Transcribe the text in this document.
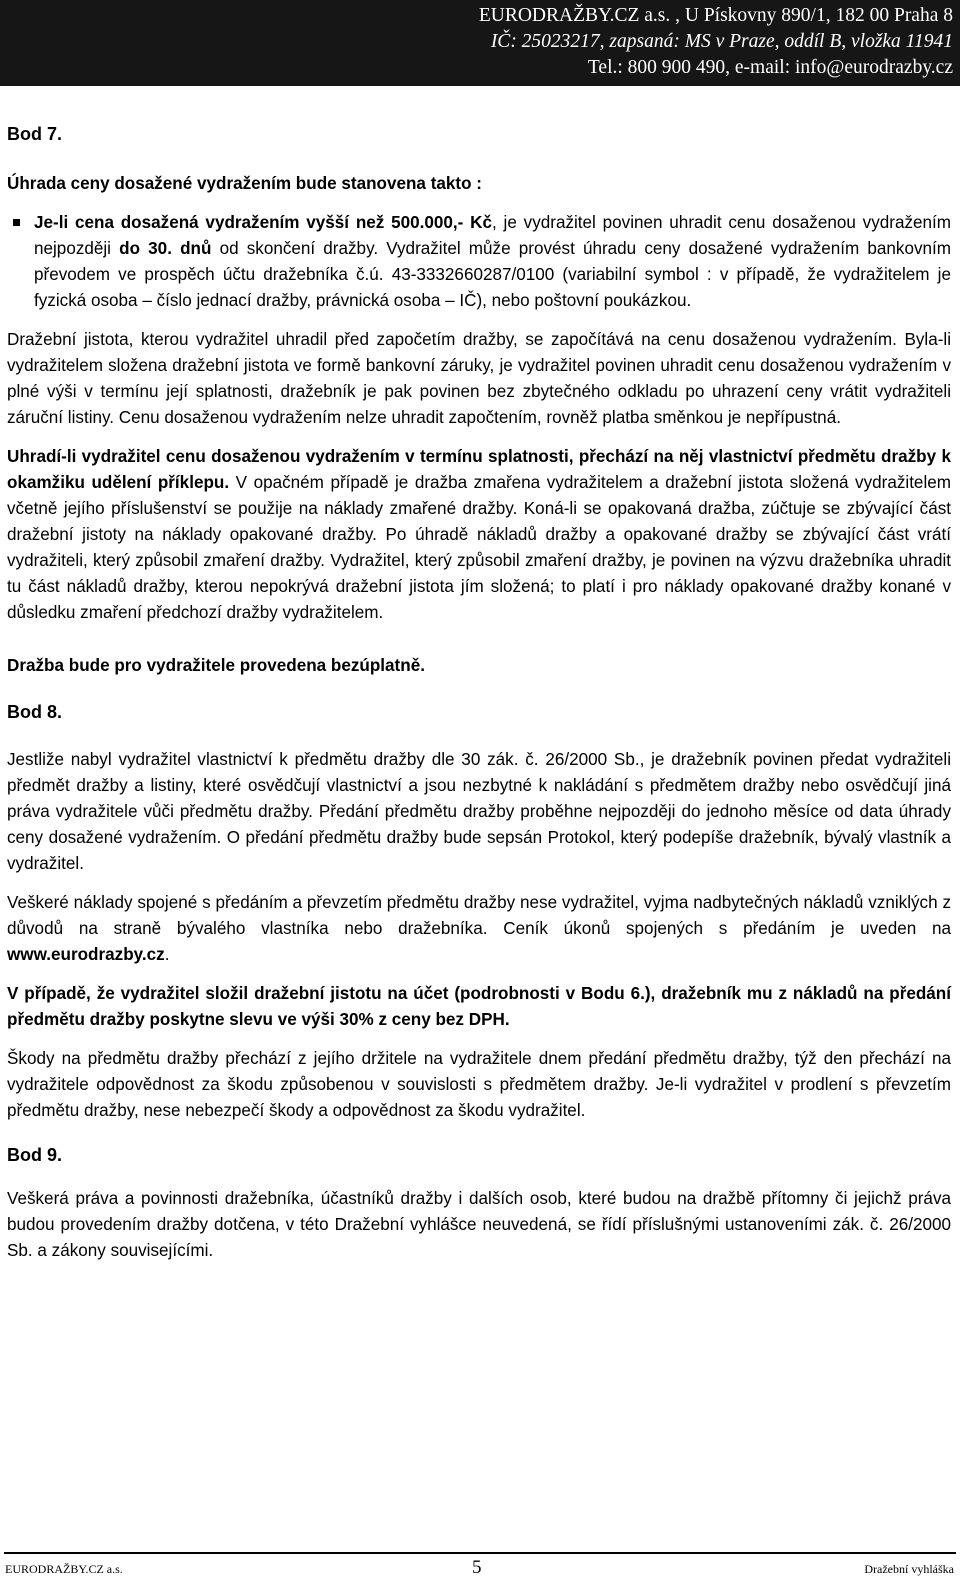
EURODRAŽBY.CZ a.s. , U Pískovny 890/1, 182 00 Praha 8
IČ: 25023217, zapsaná: MS v Praze, oddíl B, vložka 11941
Tel.: 800 900 490, e-mail: info@eurodrazby.cz

Bod 7.

Úhrada ceny dosažené vydražením bude stanovena takto :

Je-li cena dosažená vydražením vyšší než 500.000,- Kč, je vydražitel povinen uhradit cenu dosaženou vydražením nejpozději do 30. dnů od skončení dražby. Vydražitel může provést úhradu ceny dosažené vydražením bankovním převodem ve prospěch účtu dražebníka č.ú. 43-3332660287/0100 (variabilní symbol : v případě, že vydražitelem je fyzická osoba – číslo jednací dražby, právnická osoba – IČ), nebo poštovní poukázkou.

Dražební jistota, kterou vydražitel uhradil před započetím dražby, se započítává na cenu dosaženou vydražením. Byla-li vydražitelem složena dražební jistota ve formě bankovní záruky, je vydražitel povinen uhradit cenu dosaženou vydražením v plné výši v termínu její splatnosti, dražebník je pak povinen bez zbytečného odkladu po uhrazení ceny vrátit vydražiteli záruční listiny. Cenu dosaženou vydražením nelze uhradit započtením, rovněž platba směnkou je nepřípustná.

Uhradí-li vydražitel cenu dosaženou vydražením v termínu splatnosti, přechází na něj vlastnictví předmětu dražby k okamžiku udělení příklepu. V opačném případě je dražba zmařena vydražitelem a dražební jistota složená vydražitelem včetně jejího příslušenství se použije na náklady zmařené dražby. Koná-li se opakovaná dražba, zúčtuje se zbývající část dražební jistoty na náklady opakované dražby. Po úhradě nákladů dražby a opakované dražby se zbývající část vrátí vydražiteli, který způsobil zmaření dražby. Vydražitel, který způsobil zmaření dražby, je povinen na výzvu dražebníka uhradit tu část nákladů dražby, kterou nepokrývá dražební jistota jím složená; to platí i pro náklady opakované dražby konané v důsledku zmaření předchozí dražby vydražitelem.

Dražba bude pro vydražitele provedena bezúplatně.

Bod 8.

Jestliže nabyl vydražitel vlastnictví k předmětu dražby dle 30 zák. č. 26/2000 Sb., je dražebník povinen předat vydražiteli předmět dražby a listiny, které osvědčují vlastnictví a jsou nezbytné k nakládání s předmětem dražby nebo osvědčují jiná práva vydražitele vůči předmětu dražby. Předání předmětu dražby proběhne nejpozději do jednoho měsíce od data úhrady ceny dosažené vydražením. O předání předmětu dražby bude sepsán Protokol, který podepíše dražebník, bývalý vlastník a vydražitel.

Veškeré náklady spojené s předáním a převzetím předmětu dražby nese vydražitel, vyjma nadbytečných nákladů vzniklých z důvodů na straně bývalého vlastníka nebo dražebníka. Ceník úkonů spojených s předáním je uveden na www.eurodrazby.cz.

V případě, že vydražitel složil dražební jistotu na účet (podrobnosti v Bodu 6.), dražebník mu z nákladů na předání předmětu dražby poskytne slevu ve výši 30% z ceny bez DPH.

Škody na předmětu dražby přechází z jejího držitele na vydražitele dnem předání předmětu dražby, týž den přechází na vydražitele odpovědnost za škodu způsobenou v souvislosti s předmětem dražby. Je-li vydražitel v prodlení s převzetím předmětu dražby, nese nebezpečí škody a odpovědnost za škodu vydražitel.

Bod 9.

Veškerá práva a povinnosti dražebníka, účastníků dražby i dalších osob, které budou na dražbě přítomny či jejichž práva budou provedením dražby dotčena, v této Dražební vyhlášce neuvedená, se řídí příslušnými ustanoveními zák. č. 26/2000 Sb. a zákony souvisejícími.

EURODRAŽBY.CZ a.s.	5	Dražební vyhláška
